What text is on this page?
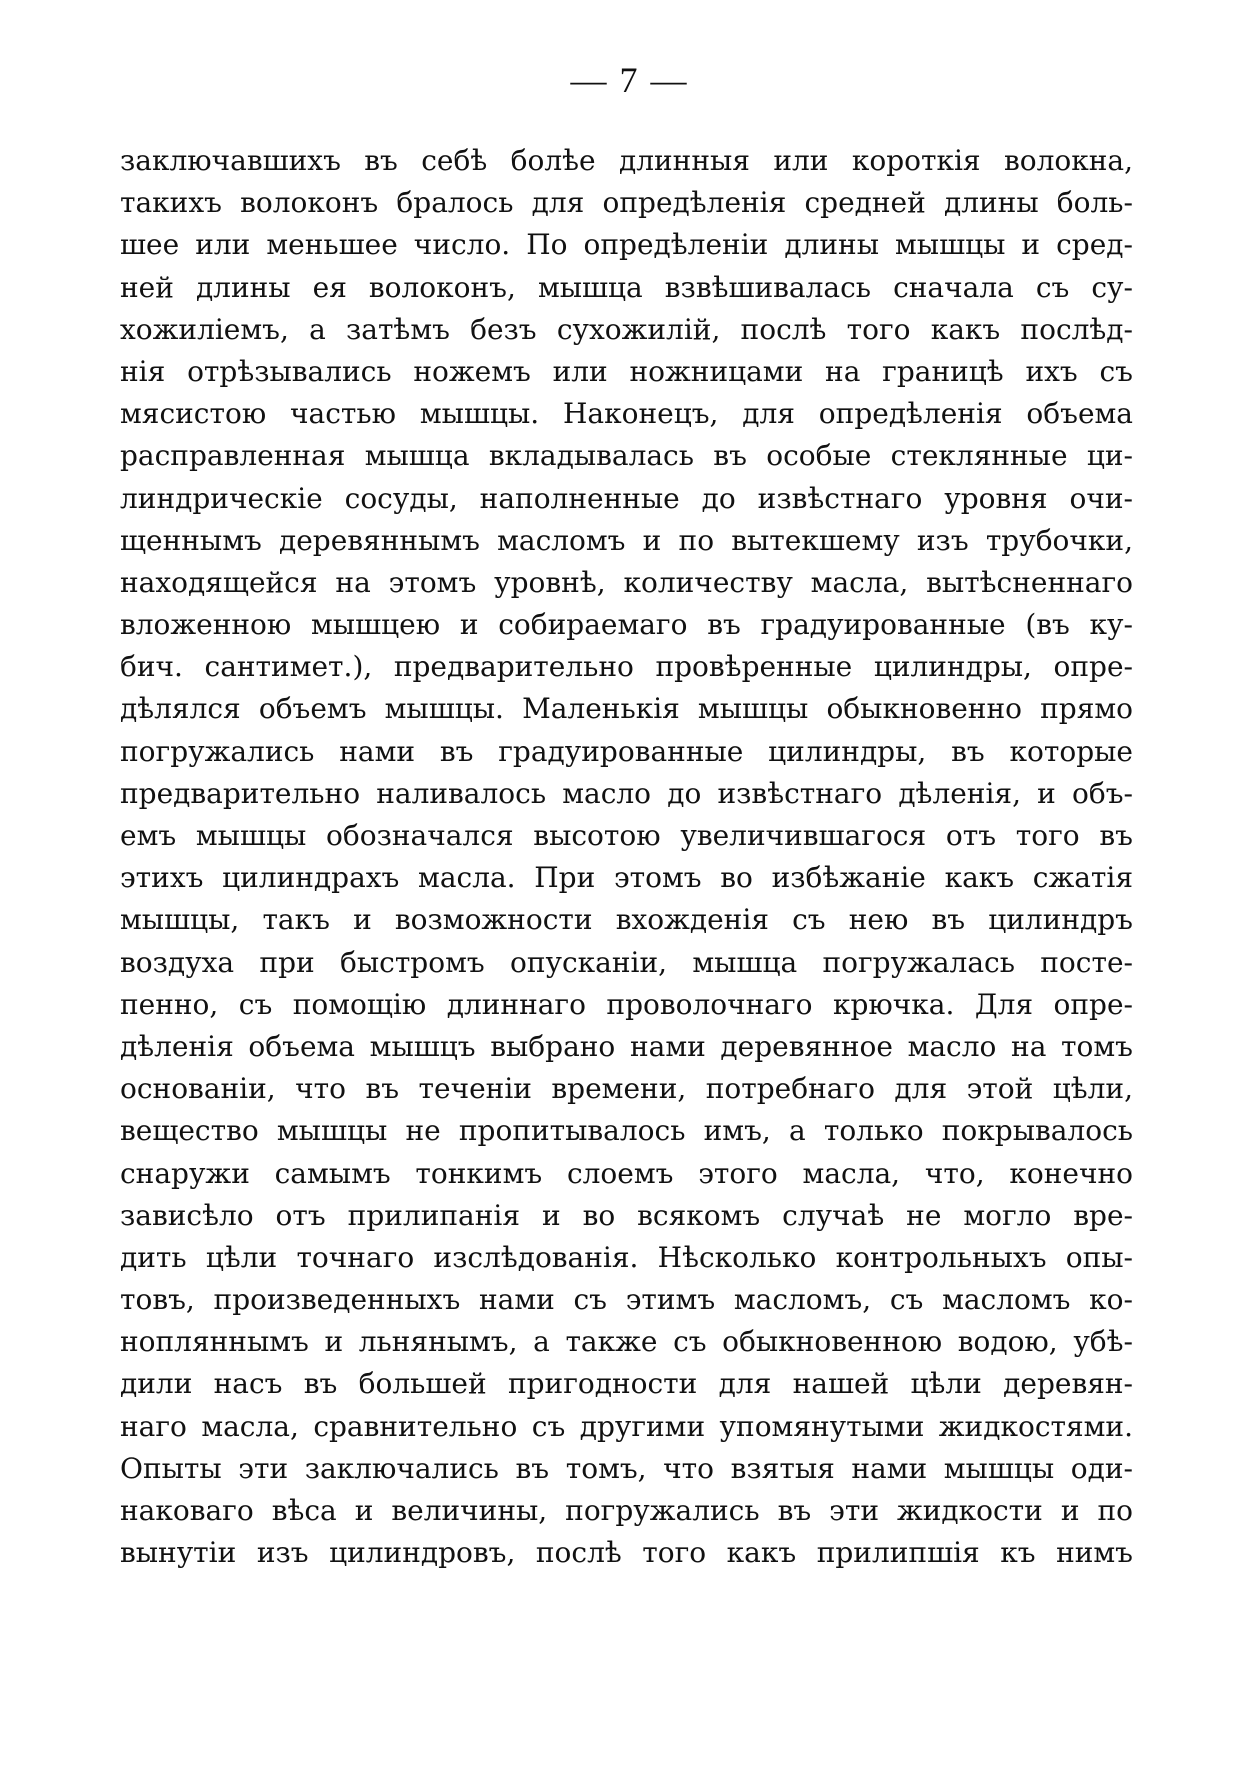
— 7 —
заключавшихъ въ себѣ болѣе длинныя или короткія волокна,
такихъ волоконъ бралось для опредѣленія средней длины боль-
шее или меньшее число. По опредѣленіи длины мышцы и сред-
ней длины ея волоконъ, мышца взвѣшивалась сначала съ су-
хожиліемъ, а затѣмъ безъ сухожилій, послѣ того какъ послѣд-
нія отрѣзывались ножемъ или ножницами на границѣ ихъ съ
мясистою частью мышцы. Наконецъ, для опредѣленія объема
расправленная мышца вкладывалась въ особые стеклянные ци-
линдрическіе сосуды, наполненные до извѣстнаго уровня очи-
щеннымъ деревяннымъ масломъ и по вытекшему изъ трубочки,
находящейся на этомъ уровнѣ, количеству масла, вытѣсненнаго
вложенною мышцею и собираемаго въ градуированные (въ ку-
бич. сантимет.), предварительно провѣренные цилиндры, опре-
дѣлялся объемъ мышцы. Маленькія мышцы обыкновенно прямо
погружались нами въ градуированные цилиндры, въ которые
предварительно наливалось масло до извѣстнаго дѣленія, и объ-
емъ мышцы обозначался высотою увеличившагося отъ того въ
этихъ цилиндрахъ масла. При этомъ во избѣжаніе какъ сжатія
мышцы, такъ и возможности вхожденія съ нею въ цилиндръ
воздуха при быстромъ опусканіи, мышца погружалась посте-
пенно, съ помощію длиннаго проволочнаго крючка. Для опре-
дѣленія объема мышцъ выбрано нами деревянное масло на томъ
основаніи, что въ теченіи времени, потребнаго для этой цѣли,
вещество мышцы не пропитывалось имъ, а только покрывалось
снаружи самымъ тонкимъ слоемъ этого масла, что, конечно
зависѣло отъ прилипанія и во всякомъ случаѣ не могло вре-
дить цѣли точнаго изслѣдованія. Нѣсколько контрольныхъ опы-
товъ, произведенныхъ нами съ этимъ масломъ, съ масломъ ко-
нопляннымъ и льнянымъ, а также съ обыкновенною водою, убѣ-
дили насъ въ большей пригодности для нашей цѣли деревян-
наго масла, сравнительно съ другими упомянутыми жидкостями.
Опыты эти заключались въ томъ, что взятыя нами мышцы оди-
наковаго вѣса и величины, погружались въ эти жидкости и по
вынутіи изъ цилиндровъ, послѣ того какъ прилипшія къ нимъ
